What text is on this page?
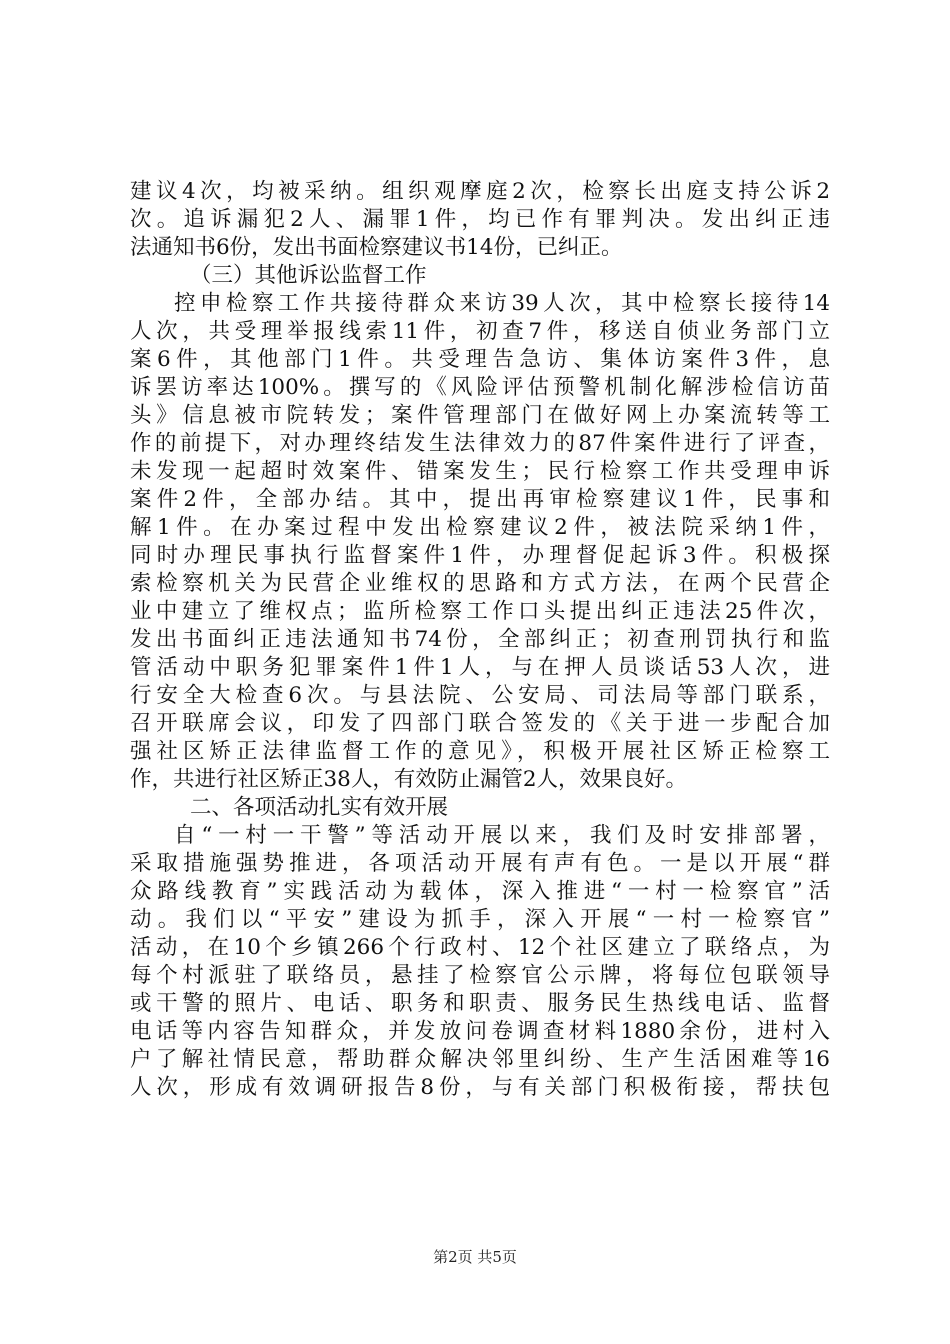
建议4次，均被采纳。组织观摩庭2次，检察长出庭支持公诉2
次。追诉漏犯2人、漏罪1件，均已作有罪判决。发出纠正违
法通知书6份，发出书面检察建议书14份，已纠正。
（三）其他诉讼监督工作
控申检察工作共接待群众来访39人次，其中检察长接待14
人次，共受理举报线索11件，初查7件，移送自侦业务部门立
案6件，其他部门1件。共受理告急访、集体访案件3件，息
诉罢访率达100%。撰写的《风险评估预警机制化解涉检信访苗
头》信息被市院转发；案件管理部门在做好网上办案流转等工
作的前提下，对办理终结发生法律效力的87件案件进行了评查，
未发现一起超时效案件、错案发生；民行检察工作共受理申诉
案件2件，全部办结。其中，提出再审检察建议1件，民事和
解1件。在办案过程中发出检察建议2件，被法院采纳1件，
同时办理民事执行监督案件1件，办理督促起诉3件。积极探
索检察机关为民营企业维权的思路和方式方法，在两个民营企
业中建立了维权点；监所检察工作口头提出纠正违法25件次，
发出书面纠正违法通知书74份，全部纠正；初查刑罚执行和监
管活动中职务犯罪案件1件1人，与在押人员谈话53人次，进
行安全大检查6次。与县法院、公安局、司法局等部门联系，
召开联席会议，印发了四部门联合签发的《关于进一步配合加
强社区矫正法律监督工作的意见》，积极开展社区矫正检察工
作，共进行社区矫正38人，有效防止漏管2人，效果良好。
二、各项活动扎实有效开展
自“一村一干警”等活动开展以来，我们及时安排部署，
采取措施强势推进，各项活动开展有声有色。一是以开展“群
众路线教育”实践活动为载体，深入推进“一村一检察官”活
动。我们以“平安”建设为抓手，深入开展“一村一检察官”
活动，在10个乡镇266个行政村、12个社区建立了联络点，为
每个村派驻了联络员，悬挂了检察官公示牌，将每位包联领导
或干警的照片、电话、职务和职责、服务民生热线电话、监督
电话等内容告知群众，并发放问卷调查材料1880余份，进村入
户了解社情民意，帮助群众解决邻里纠纷、生产生活困难等16
人次，形成有效调研报告8份，与有关部门积极衔接，帮扶包
第2页 共5页
